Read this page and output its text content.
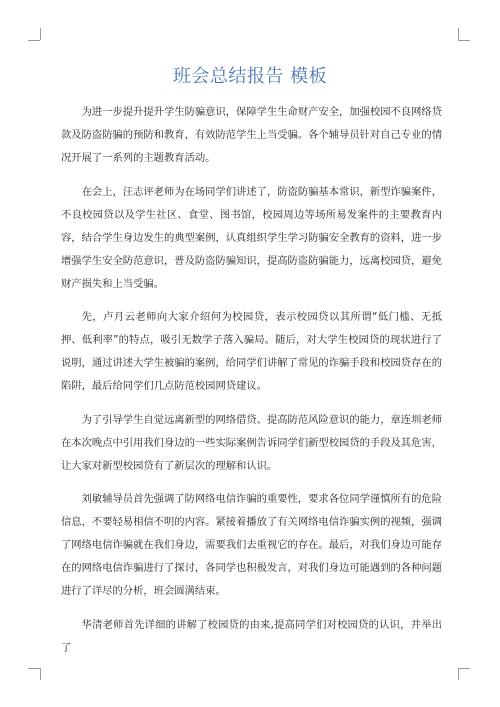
班会总结报告 模板

为进一步提升提升学生防骗意识，保障学生生命财产安全，加强校园不良网络贷款及防盗防骗的预防和教育，有效防范学生上当受骗。各个辅导员针对自己专业的情况开展了一系列的主题教育活动。

在会上，汪志评老师为在场同学们讲述了，防盗防骗基本常识，新型诈骗案件，不良校园贷以及学生社区、食堂、图书馆，校园周边等场所易发案件的主要教育内容，结合学生身边发生的典型案例，认真组织学生学习防骗安全教育的资料，进一步增强学生安全防范意识，普及防盗防骗知识，提高防盗防骗能力，远离校园贷，避免财产损失和上当受骗。

先，卢月云老师向大家介绍何为校园贷，表示校园贷以其所谓“低门槛、无抵押、低利率”的特点，吸引无数学子落入骗局。随后，对大学生校园贷的现状进行了说明，通过讲述大学生被骗的案例，给同学们讲解了常见的诈骗手段和校园贷存在的陷阱，最后给同学们几点防范校园网贷建议。

为了引导学生自觉远离新型的网络借贷、提高防范风险意识的能力，章连圳老师在本次晚点中引用我们身边的一些实际案例告诉同学们新型校园贷的手段及其危害，让大家对新型校园贷有了新层次的理解和认识。

刘敏辅导员首先强调了防网络电信诈骗的重要性，要求各位同学谨慎所有的危险信息，不要轻易相信不明的内容。紧接着播放了有关网络电信诈骗实例的视频，强调了网络电信诈骗就在我们身边，需要我们去重视它的存在。最后，对我们身边可能存在的网络电信诈骗进行了探讨，各同学也积极发言，对我们身边可能遇到的各种问题进行了详尽的分析，班会圆满结束。

华清老师首先详细的讲解了校园贷的由来,提高同学们对校园贷的认识，并举出了
